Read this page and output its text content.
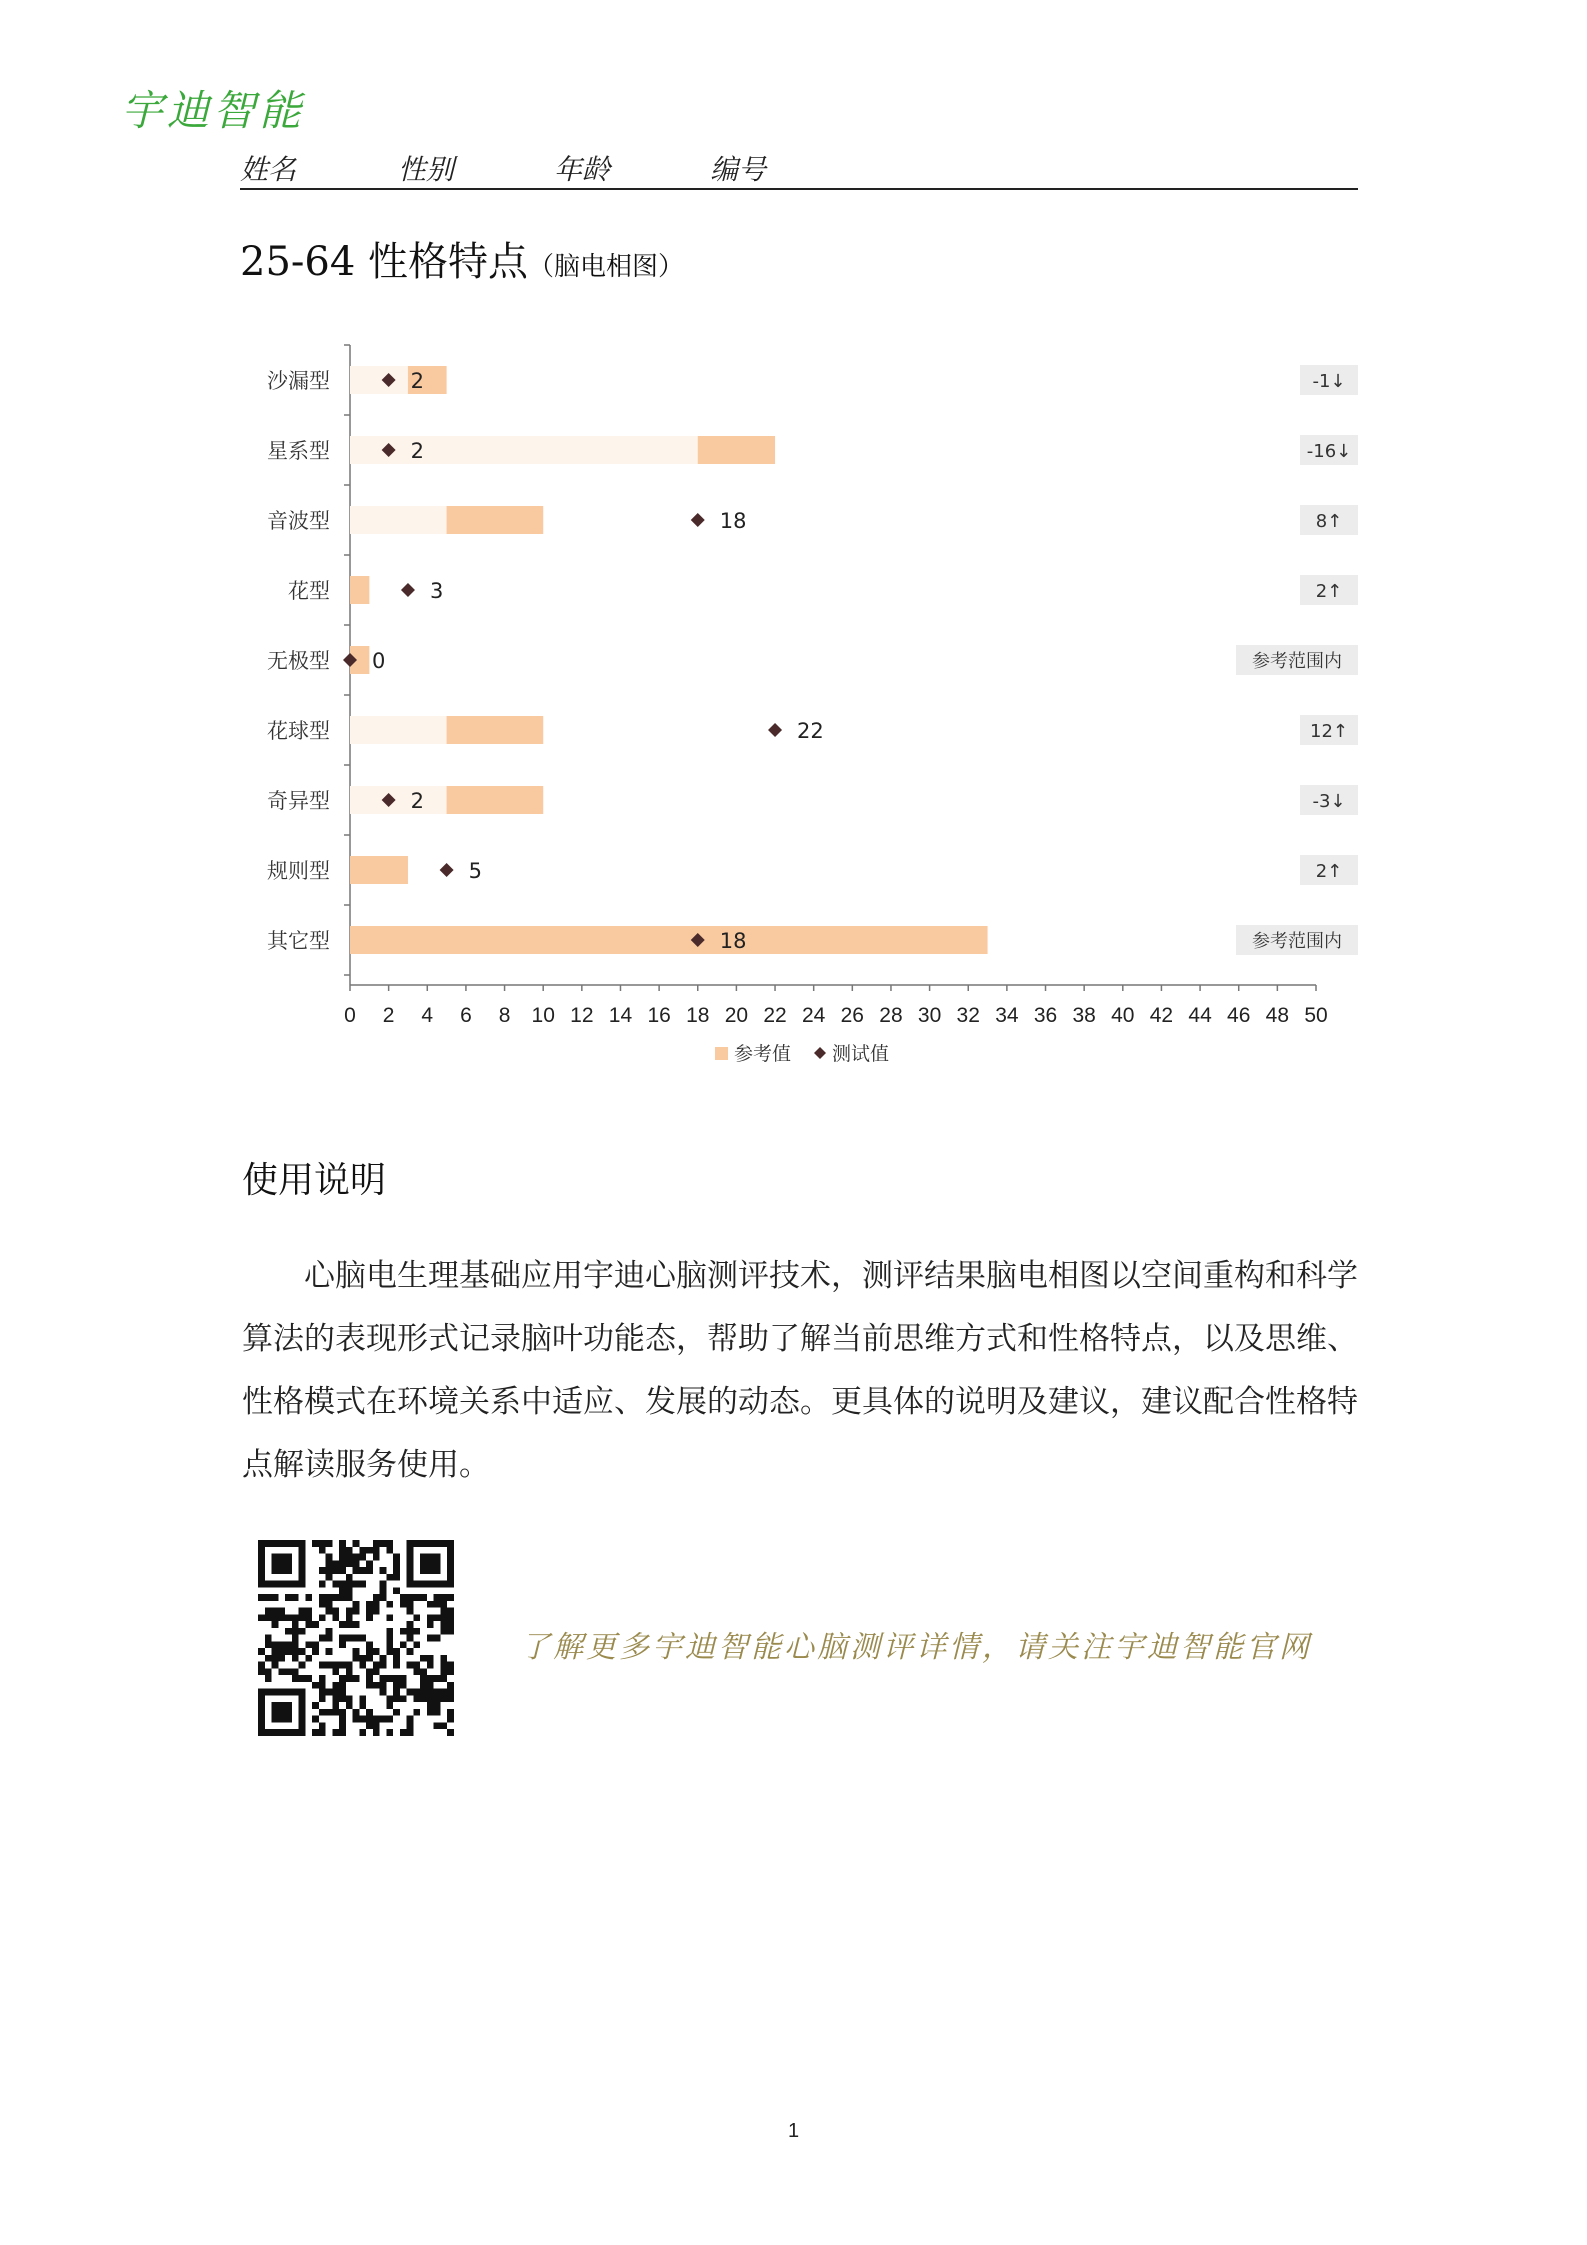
宇迪智能
姓名	性别	年龄	编号
25-64 性格特点（脑电相图）
沙漏型	2	-1↓
星系型	2	-16↓
音波型	18	8↑
花型	3	2↑
无极型 0	参考范围内
花球型	22	12↑
奇异型	2	-3↓
规则型	5	2↑
其它型	18	参考范围内
0 2 4 6 8 10 12 14 16 18 20 22 24 26 28 30 32 34 36 38 40 42 44 46 48 50
参考值 测试值
使用说明
心脑电生理基础应用宇迪心脑测评技术，测评结果脑电相图以空间重构和科学算法的表现形式记录脑叶功能态，帮助了解当前思维方式和性格特点，以及思维、性格模式在环境关系中适应、发展的动态。更具体的说明及建议，建议配合性格特点解读服务使用。
了解更多宇迪智能心脑测评详情，请关注宇迪智能官网
1
